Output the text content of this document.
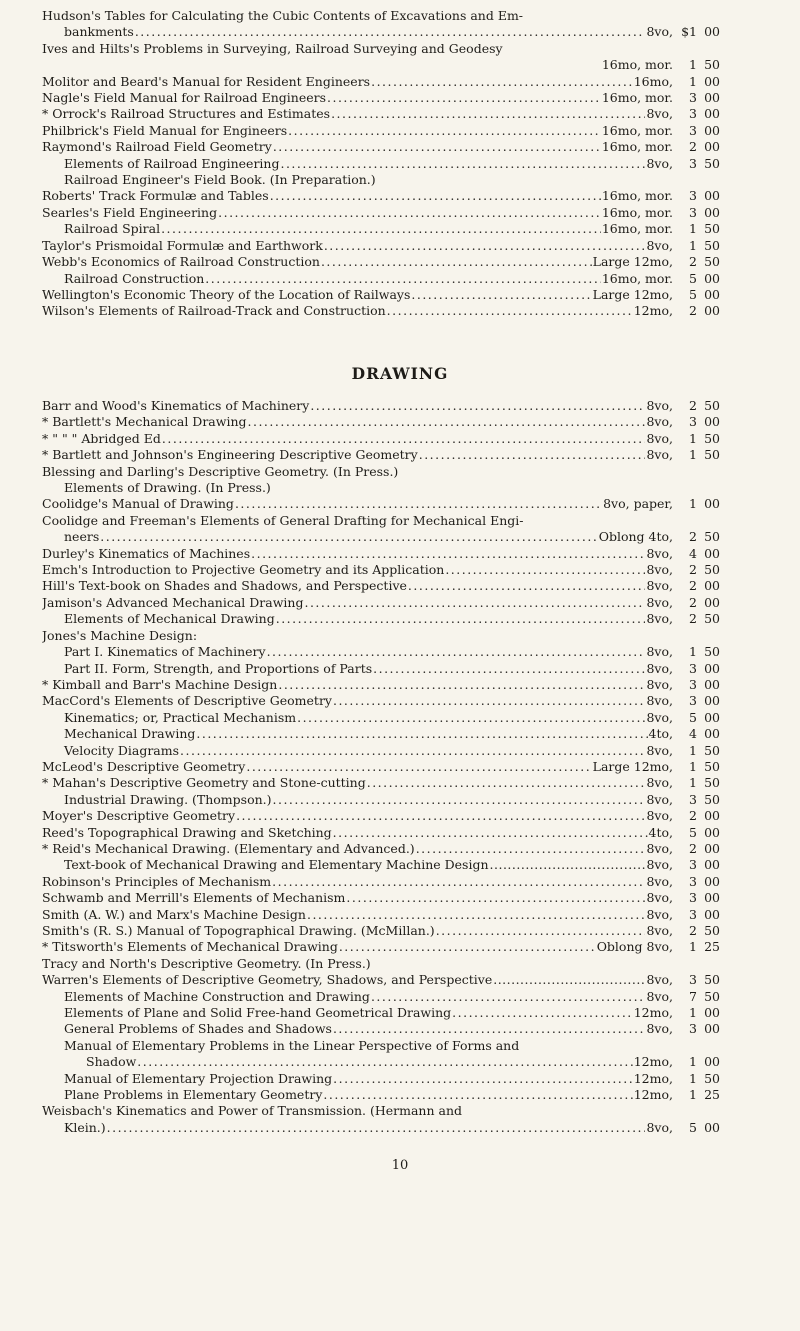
Hudson's Tables for Calculating the Cubic Contents of Excavations and Em-
bankments .....	8vo, $1 00
Ives and Hilts's Problems in Surveying, Railroad Surveying and Geodesy
16mo, mor.	1 50
Molitor and Beard's Manual for Resident Engineers .....	16mo,	1 00
Nagle's Field Manual for Railroad Engineers .....	16mo, mor.	3 00
* Orrock's Railroad Structures and Estimates .....	8vo,	3 00
Philbrick's Field Manual for Engineers .....	16mo, mor.	3 00
Raymond's Railroad Field Geometry .....	16mo, mor.	2 00
Elements of Railroad Engineering .....	8vo,	3 50
Railroad Engineer's Field Book. (In Preparation.)
Roberts' Track Formulæ and Tables .....	16mo, mor.	3 00
Searles's Field Engineering .....	16mo, mor.	3 00
Railroad Spiral .....	16mo, mor.	1 50
Taylor's Prismoidal Formulæ and Earthwork .....	8vo,	1 50
Webb's Economics of Railroad Construction .....	Large 12mo,	2 50
Railroad Construction .....	16mo, mor.	5 00
Wellington's Economic Theory of the Location of Railways .....	Large 12mo,	5 00
Wilson's Elements of Railroad-Track and Construction .....	12mo,	2 00
DRAWING
Barr and Wood's Kinematics of Machinery .....	8vo,	2 50
* Bartlett's Mechanical Drawing .....	8vo,	3 00
* " " " Abridged Ed .....	8vo,	1 50
* Bartlett and Johnson's Engineering Descriptive Geometry .....	8vo,	1 50
Blessing and Darling's Descriptive Geometry. (In Press.)
Elements of Drawing. (In Press.)
Coolidge's Manual of Drawing .....	8vo, paper,	1 00
Coolidge and Freeman's Elements of General Drafting for Mechanical Engi-
neers .....	Oblong 4to,	2 50
Durley's Kinematics of Machines .....	8vo,	4 00
Emch's Introduction to Projective Geometry and its Application .....	8vo,	2 50
Hill's Text-book on Shades and Shadows, and Perspective .....	8vo,	2 00
Jamison's Advanced Mechanical Drawing .....	8vo,	2 00
Elements of Mechanical Drawing .....	8vo,	2 50
Jones's Machine Design:
Part I. Kinematics of Machinery .....	8vo,	1 50
Part II. Form, Strength, and Proportions of Parts .....	8vo,	3 00
* Kimball and Barr's Machine Design .....	8vo,	3 00
MacCord's Elements of Descriptive Geometry .....	8vo,	3 00
Kinematics; or, Practical Mechanism .....	8vo,	5 00
Mechanical Drawing .....	4to,	4 00
Velocity Diagrams .....	8vo,	1 50
McLeod's Descriptive Geometry .....	Large 12mo,	1 50
* Mahan's Descriptive Geometry and Stone-cutting .....	8vo,	1 50
Industrial Drawing. (Thompson.) .....	8vo,	3 50
Moyer's Descriptive Geometry .....	8vo,	2 00
Reed's Topographical Drawing and Sketching .....	4to,	5 00
* Reid's Mechanical Drawing. (Elementary and Advanced.) .....	8vo,	2 00
Text-book of Mechanical Drawing and Elementary Machine Design .....	8vo,	3 00
Robinson's Principles of Mechanism .....	8vo,	3 00
Schwamb and Merrill's Elements of Mechanism .....	8vo,	3 00
Smith (A. W.) and Marx's Machine Design .....	8vo,	3 00
Smith's (R. S.) Manual of Topographical Drawing. (McMillan.) .....	8vo,	2 50
* Titsworth's Elements of Mechanical Drawing .....	Oblong 8vo,	1 25
Tracy and North's Descriptive Geometry. (In Press.)
Warren's Elements of Descriptive Geometry, Shadows, and Perspective .....	8vo,	3 50
Elements of Machine Construction and Drawing .....	8vo,	7 50
Elements of Plane and Solid Free-hand Geometrical Drawing .....	12mo,	1 00
General Problems of Shades and Shadows .....	8vo,	3 00
Manual of Elementary Problems in the Linear Perspective of Forms and
Shadow .....	12mo,	1 00
Manual of Elementary Projection Drawing .....	12mo,	1 50
Plane Problems in Elementary Geometry .....	12mo,	1 25
Weisbach's Kinematics and Power of Transmission. (Hermann and
Klein.) .....	8vo,	5 00
10
